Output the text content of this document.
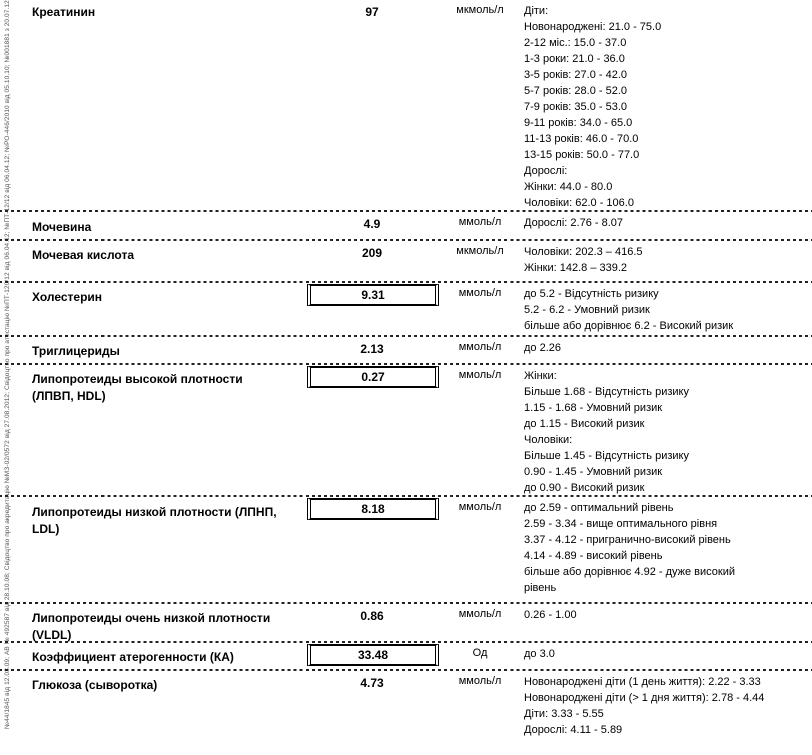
№44/1845 від 12.03.09; АВ № 492587 від 28.10.08; Свідоцтво про акредитацію №МЗ-02/0572 від 27.08.2012; Свідоцтво про атестацію №ПТ-120/12 від 06.04.12; №ПТ-12/12 від 06.04.12; №РО-446/2010 від 05.10.10; №001881 з 20.07.12 Креатинин	97	мкмоль/л	Діти:
Новонароджені: 21.0 - 75.0
2-12 міс.: 15.0 - 37.0
1-3 роки: 21.0 - 36.0
3-5 років: 27.0 - 42.0
5-7 років: 28.0 - 52.0
7-9 років: 35.0 - 53.0
9-11 років: 34.0 - 65.0
11-13 років: 46.0 - 70.0
13-15 років: 50.0 - 77.0
Дорослі:
Жінки: 44.0 - 80.0
Чоловіки: 62.0 - 106.0
Мочевина	4.9	ммоль/л	Дорослі: 2.76 - 8.07
Мочевая кислота	209	мкмоль/л	Чоловіки: 202.3 – 416.5
Жінки: 142.8 – 339.2
Холестерин	9.31	ммоль/л	до 5.2 - Відсутність ризику
5.2 - 6.2 - Умовний ризик
більше або дорівнює 6.2 - Високий ризик
Триглицериды	2.13	ммоль/л	до 2.26
Липопротеиды высокой плотности (ЛПВП, HDL)
0.27	ммоль/л	Жінки:
Більше 1.68 - Відсутність ризику
1.15 - 1.68 - Умовний ризик
до 1.15 - Високий ризик
Чоловіки:
Більше 1.45 - Відсутність ризику
0.90 - 1.45 - Умовний ризик
до 0.90 - Високий ризик
Липопротеиды низкой плотности (ЛПНП, LDL)
8.18	ммоль/л	до 2.59 - оптимальний рівень
2.59 - 3.34 - вище оптимального рівня
3.37 - 4.12 - пригранично-високий рівень
4.14 - 4.89 - високий рівень
більше або дорівнює 4.92 - дуже високий
рівень
Липопротеиды очень низкой плотности (VLDL)
0.86	ммоль/л	0.26 - 1.00
Коэффициент атерогенности (КА)	33.48	Од	до 3.0
Глюкоза (сыворотка)	4.73	ммоль/л	Новонароджені діти (1 день життя): 2.22 - 3.33
Новонароджені діти (> 1 дня життя): 2.78 - 4.44
Діти: 3.33 - 5.55
Дорослі: 4.11 - 5.89
